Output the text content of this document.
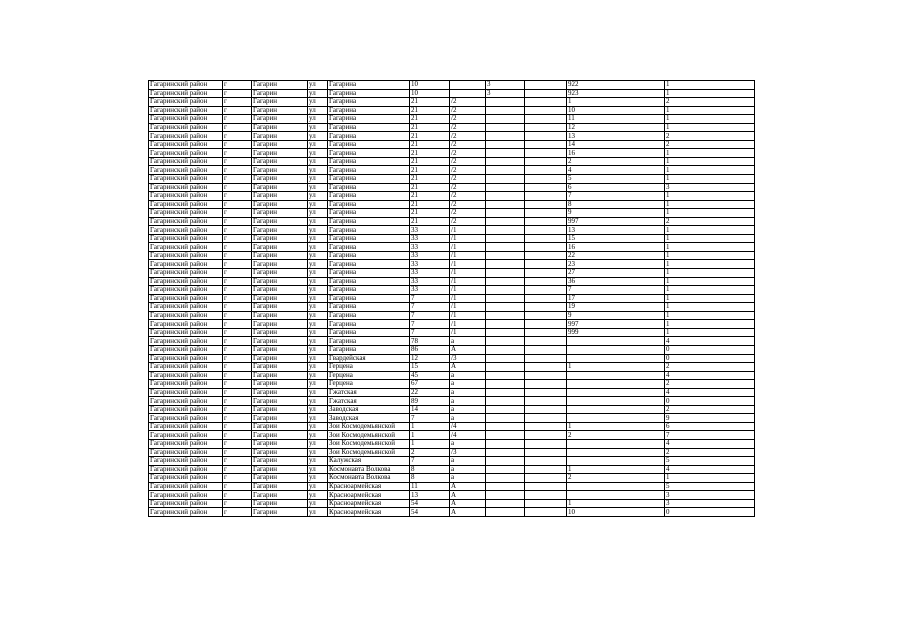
Гагаринский район	г	Гагарин	ул	Гагарина	10		3		922	1
Гагаринский район	г	Гагарин	ул	Гагарина	10		3		923	1
Гагаринский район	г	Гагарин	ул	Гагарина	21	/2			1	2
Гагаринский район	г	Гагарин	ул	Гагарина	21	/2			10	1
Гагаринский район	г	Гагарин	ул	Гагарина	21	/2			11	1
Гагаринский район	г	Гагарин	ул	Гагарина	21	/2			12	1
Гагаринский район	г	Гагарин	ул	Гагарина	21	/2			13	2
Гагаринский район	г	Гагарин	ул	Гагарина	21	/2			14	2
Гагаринский район	г	Гагарин	ул	Гагарина	21	/2			16	1
Гагаринский район	г	Гагарин	ул	Гагарина	21	/2			2	1
Гагаринский район	г	Гагарин	ул	Гагарина	21	/2			4	1
Гагаринский район	г	Гагарин	ул	Гагарина	21	/2			5	1
Гагаринский район	г	Гагарин	ул	Гагарина	21	/2			6	3
Гагаринский район	г	Гагарин	ул	Гагарина	21	/2			7	1
Гагаринский район	г	Гагарин	ул	Гагарина	21	/2			8	1
Гагаринский район	г	Гагарин	ул	Гагарина	21	/2			9	1
Гагаринский район	г	Гагарин	ул	Гагарина	21	/2			997	2
Гагаринский район	г	Гагарин	ул	Гагарина	33	/1			13	1
Гагаринский район	г	Гагарин	ул	Гагарина	33	/1			15	1
Гагаринский район	г	Гагарин	ул	Гагарина	33	/1			16	1
Гагаринский район	г	Гагарин	ул	Гагарина	33	/1			22	1
Гагаринский район	г	Гагарин	ул	Гагарина	33	/1			23	1
Гагаринский район	г	Гагарин	ул	Гагарина	33	/1			27	1
Гагаринский район	г	Гагарин	ул	Гагарина	33	/1			36	1
Гагаринский район	г	Гагарин	ул	Гагарина	33	/1			7	1
Гагаринский район	г	Гагарин	ул	Гагарина	7	/1			17	1
Гагаринский район	г	Гагарин	ул	Гагарина	7	/1			19	1
Гагаринский район	г	Гагарин	ул	Гагарина	7	/1			9	1
Гагаринский район	г	Гагарин	ул	Гагарина	7	/1			997	1
Гагаринский район	г	Гагарин	ул	Гагарина	7	/1			999	1
Гагаринский район	г	Гагарин	ул	Гагарина	78	а				4
Гагаринский район	г	Гагарин	ул	Гагарина	86	А				0
Гагаринский район	г	Гагарин	ул	Гвардейская	12	/3				0
Гагаринский район	г	Гагарин	ул	Герцена	15	А			1	2
Гагаринский район	г	Гагарин	ул	Герцена	45	а				4
Гагаринский район	г	Гагарин	ул	Герцена	67	а				2
Гагаринский район	г	Гагарин	ул	Гжатская	22	а				4
Гагаринский район	г	Гагарин	ул	Гжатская	89	а				0
Гагаринский район	г	Гагарин	ул	Заводская	14	а				2
Гагаринский район	г	Гагарин	ул	Заводская	7	а				9
Гагаринский район	г	Гагарин	ул	Зои Космодемьянской	1	/4			1	6
Гагаринский район	г	Гагарин	ул	Зои Космодемьянской	1	/4			2	7
Гагаринский район	г	Гагарин	ул	Зои Космодемьянской	1	а				4
Гагаринский район	г	Гагарин	ул	Зои Космодемьянской	2	/3				2
Гагаринский район	г	Гагарин	ул	Калужская	7	а				5
Гагаринский район	г	Гагарин	ул	Космонавта Волкова	8	а			1	4
Гагаринский район	г	Гагарин	ул	Космонавта Волкова	8	а			2	1
Гагаринский район	г	Гагарин	ул	Красноармейская	11	А				5
Гагаринский район	г	Гагарин	ул	Красноармейская	13	А				3
Гагаринский район	г	Гагарин	ул	Красноармейская	54	А			1	3
Гагаринский район	г	Гагарин	ул	Красноармейская	54	А			10	0
